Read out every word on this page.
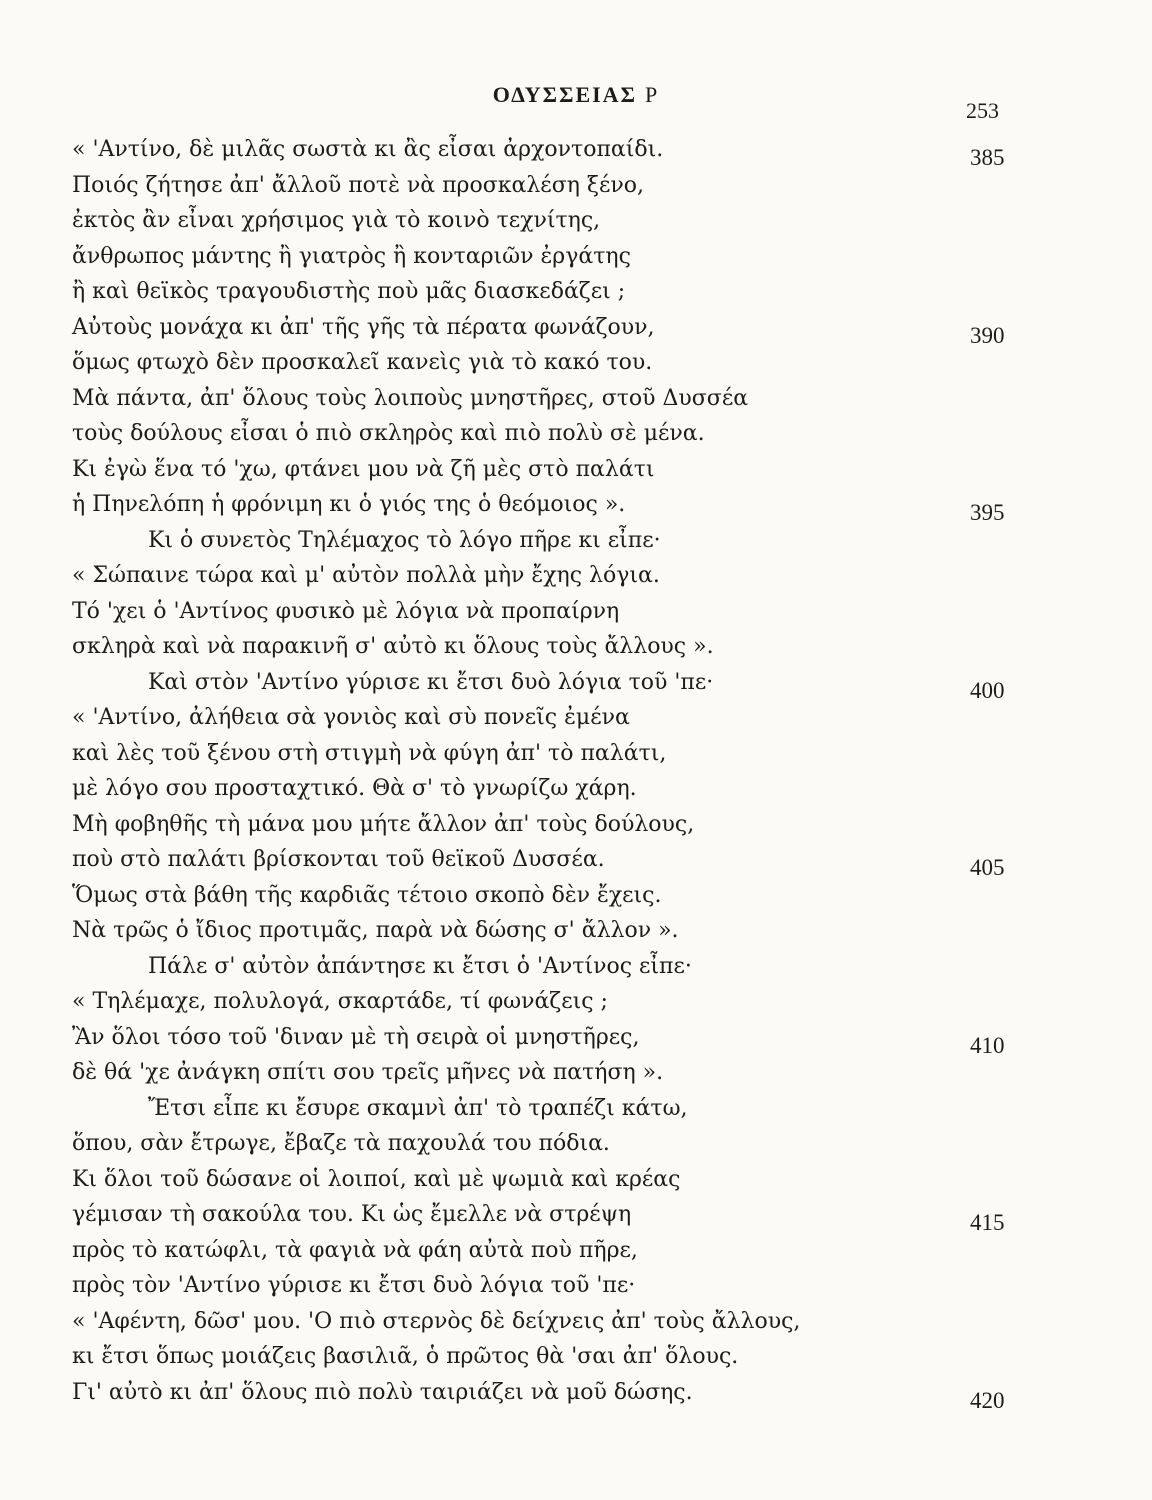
ΟΔΥΣΣΕΙΑΣ Ρ
253
« 'Αντίνο, δὲ μιλᾶς σωστὰ κι ἂς εἶσαι ἀρχοντοπαίδι.	385
Ποιός ζήτησε ἀπ' ἄλλοῦ ποτὲ νὰ προσκαλέση ξένο,
ἐκτὸς ἂν εἶναι χρήσιμος γιὰ τὸ κοινὸ τεχνίτης,
ἄνθρωπος μάντης ἢ γιατρὸς ἢ κονταριῶν ἐργάτης
ἢ καὶ θεϊκὸς τραγουδιστὴς ποὺ μᾶς διασκεδάζει ;
Αὐτοὺς μονάχα κι ἀπ' τῆς γῆς τὰ πέρατα φωνάζουν,	390
ὅμως φτωχὸ δὲν προσκαλεῖ κανεὶς γιὰ τὸ κακό του.
Μὰ πάντα, ἀπ' ὅλους τοὺς λοιποὺς μνηστῆρες, στοῦ Δυσσέα
τοὺς δούλους εἶσαι ὁ πιὸ σκληρὸς καὶ πιὸ πολὺ σὲ μένα.
Κι ἐγὼ ἕνα τό 'χω, φτάνει μου νὰ ζῆ μὲς στὸ παλάτι
ἡ Πηνελόπη ἡ φρόνιμη κι ὁ γιός της ὁ θεόμοιος ».	395
Κι ὁ συνετὸς Τηλέμαχος τὸ λόγο πῆρε κι εἶπε·
« Σώπαινε τώρα καὶ μ' αὐτὸν πολλὰ μὴν ἔχης λόγια.
Τό 'χει ὁ 'Αντίνος φυσικὸ μὲ λόγια νὰ προπαίρνη
σκληρὰ καὶ νὰ παρακινῆ σ' αὐτὸ κι ὅλους τοὺς ἄλλους ».
Καὶ στὸν 'Αντίνο γύρισε κι ἔτσι δυὸ λόγια τοῦ 'πε·	400
« 'Αντίνο, ἀλήθεια σὰ γονιὸς καὶ σὺ πονεῖς ἐμένα
καὶ λὲς τοῦ ξένου στὴ στιγμὴ νὰ φύγη ἀπ' τὸ παλάτι,
μὲ λόγο σου προσταχτικό. Θὰ σ' τὸ γνωρίζω χάρη.
Μὴ φοβηθῆς τὴ μάνα μου μήτε ἄλλον ἀπ' τοὺς δούλους,
ποὺ στὸ παλάτι βρίσκονται τοῦ θεϊκοῦ Δυσσέα.	405
Ὅμως στὰ βάθη τῆς καρδιᾶς τέτοιο σκοπὸ δὲν ἔχεις.
Νὰ τρῶς ὁ ἴδιος προτιμᾶς, παρὰ νὰ δώσης σ' ἄλλον ».
Πάλε σ' αὐτὸν ἀπάντησε κι ἔτσι ὁ 'Αντίνος εἶπε·
« Τηλέμαχε, πολυλογά, σκαρτάδε, τί φωνάζεις ;
Ἂν ὅλοι τόσο τοῦ 'διναν μὲ τὴ σειρὰ οἱ μνηστῆρες,	410
δὲ θά 'χε ἀνάγκη σπίτι σου τρεῖς μῆνες νὰ πατήση ».
Ἔτσι εἶπε κι ἔσυρε σκαμνὶ ἀπ' τὸ τραπέζι κάτω,
ὅπου, σὰν ἔτρωγε, ἔβαζε τὰ παχουλά του πόδια.
Κι ὅλοι τοῦ δώσανε οἱ λοιποί, καὶ μὲ ψωμιὰ καὶ κρέας
γέμισαν τὴ σακούλα του. Κι ὡς ἔμελλε νὰ στρέψη	415
πρὸς τὸ κατώφλι, τὰ φαγιὰ νὰ φάη αὐτὰ ποὺ πῆρε,
πρὸς τὸν 'Αντίνο γύρισε κι ἔτσι δυὸ λόγια τοῦ 'πε·
« 'Αφέντη, δῶσ' μου. 'Ο πιὸ στερνὸς δὲ δείχνεις ἀπ' τοὺς ἄλλους,
κι ἔτσι ὅπως μοιάζεις βασιλιᾶ, ὁ πρῶτος θὰ 'σαι ἀπ' ὅλους.
Γι' αὐτὸ κι ἀπ' ὅλους πιὸ πολὺ ταιριάζει νὰ μοῦ δώσης.	420
